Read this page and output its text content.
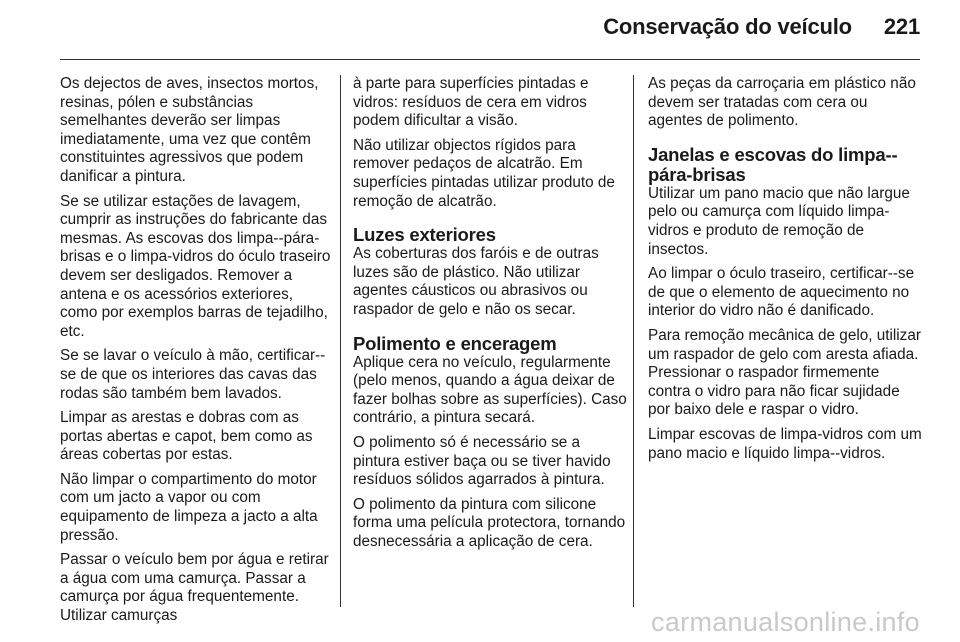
Conservação do veículo 221

Os dejectos de aves, insectos mortos, resinas, pólen e substâncias semelhantes deverão ser limpas imediatamente, uma vez que contêm constituintes agressivos que podem danificar a pintura.

Se se utilizar estações de lavagem, cumprir as instruções do fabricante das mesmas. As escovas dos limpa--pára-brisas e o limpa-vidros do óculo traseiro devem ser desligados. Remover a antena e os acessórios exteriores, como por exemplos barras de tejadilho, etc.

Se se lavar o veículo à mão, certificar--se de que os interiores das cavas das rodas são também bem lavados.

Limpar as arestas e dobras com as portas abertas e capot, bem como as áreas cobertas por estas.

Não limpar o compartimento do motor com um jacto a vapor ou com equipamento de limpeza a jacto a alta pressão.

Passar o veículo bem por água e retirar a água com uma camurça. Passar a camurça por água frequentemente. Utilizar camurças

à parte para superfícies pintadas e vidros: resíduos de cera em vidros podem dificultar a visão.

Não utilizar objectos rígidos para remover pedaços de alcatrão. Em superfícies pintadas utilizar produto de remoção de alcatrão.

Luzes exteriores

As coberturas dos faróis e de outras luzes são de plástico. Não utilizar agentes cáusticos ou abrasivos ou raspador de gelo e não os secar.

Polimento e enceragem

Aplique cera no veículo, regularmente (pelo menos, quando a água deixar de fazer bolhas sobre as superfícies). Caso contrário, a pintura secará.

O polimento só é necessário se a pintura estiver baça ou se tiver havido resíduos sólidos agarrados à pintura.

O polimento da pintura com silicone forma uma película protectora, tornando desnecessária a aplicação de cera.

As peças da carroçaria em plástico não devem ser tratadas com cera ou agentes de polimento.

Janelas e escovas do limpa--pára-brisas

Utilizar um pano macio que não largue pelo ou camurça com líquido limpa-vidros e produto de remoção de insectos.

Ao limpar o óculo traseiro, certificar--se de que o elemento de aquecimento no interior do vidro não é danificado.

Para remoção mecânica de gelo, utilizar um raspador de gelo com aresta afiada. Pressionar o raspador firmemente contra o vidro para não ficar sujidade por baixo dele e raspar o vidro.

Limpar escovas de limpa-vidros com um pano macio e líquido limpa--vidros.

carmanualsonline.info
